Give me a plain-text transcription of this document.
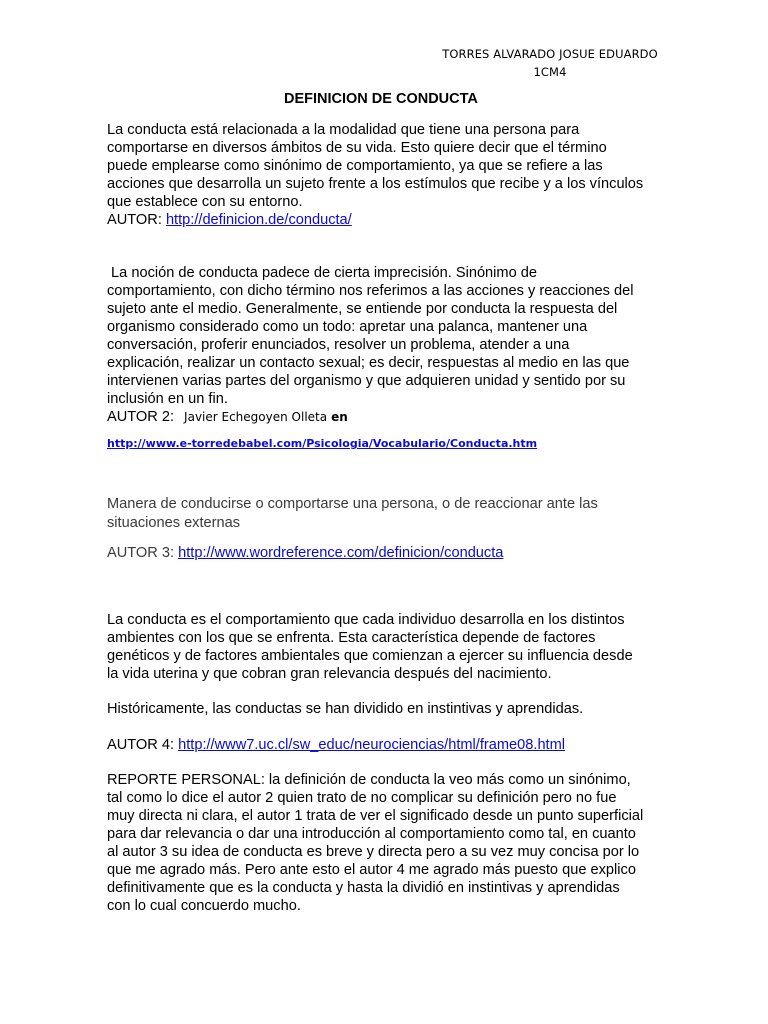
TORRES ALVARADO JOSUE EDUARDO
1CM4
DEFINICION DE CONDUCTA
La conducta está relacionada a la modalidad que tiene una persona para
comportarse en diversos ámbitos de su vida. Esto quiere decir que el término
puede emplearse como sinónimo de comportamiento, ya que se refiere a las
acciones que desarrolla un sujeto frente a los estímulos que recibe y a los vínculos
que establece con su entorno.
AUTOR: http://definicion.de/conducta/
La noción de conducta padece de cierta imprecisión. Sinónimo de
comportamiento, con dicho término nos referimos a las acciones y reacciones del
sujeto ante el medio. Generalmente, se entiende por conducta la respuesta del
organismo considerado como un todo: apretar una palanca, mantener una
conversación, proferir enunciados, resolver un problema, atender a una
explicación, realizar un contacto sexual; es decir, respuestas al medio en las que
intervienen varias partes del organismo y que adquieren unidad y sentido por su
inclusión en un fin.
AUTOR 2: Javier Echegoyen Olleta en
http://www.e-torredebabel.com/Psicologia/Vocabulario/Conducta.htm
Manera de conducirse o comportarse una persona, o de reaccionar ante las
situaciones externas
AUTOR 3: http://www.wordreference.com/definicion/conducta
La conducta es el comportamiento que cada individuo desarrolla en los distintos
ambientes con los que se enfrenta. Esta característica depende de factores
genéticos y de factores ambientales que comienzan a ejercer su influencia desde
la vida uterina y que cobran gran relevancia después del nacimiento.
Históricamente, las conductas se han dividido en instintivas y aprendidas.
AUTOR 4: http://www7.uc.cl/sw_educ/neurociencias/html/frame08.html
REPORTE PERSONAL: la definición de conducta la veo más como un sinónimo,
tal como lo dice el autor 2 quien trato de no complicar su definición pero no fue
muy directa ni clara, el autor 1 trata de ver el significado desde un punto superficial
para dar relevancia o dar una introducción al comportamiento como tal, en cuanto
al autor 3 su idea de conducta es breve y directa pero a su vez muy concisa por lo
que me agrado más. Pero ante esto el autor 4 me agrado más puesto que explico
definitivamente que es la conducta y hasta la dividió en instintivas y aprendidas
con lo cual concuerdo mucho.
